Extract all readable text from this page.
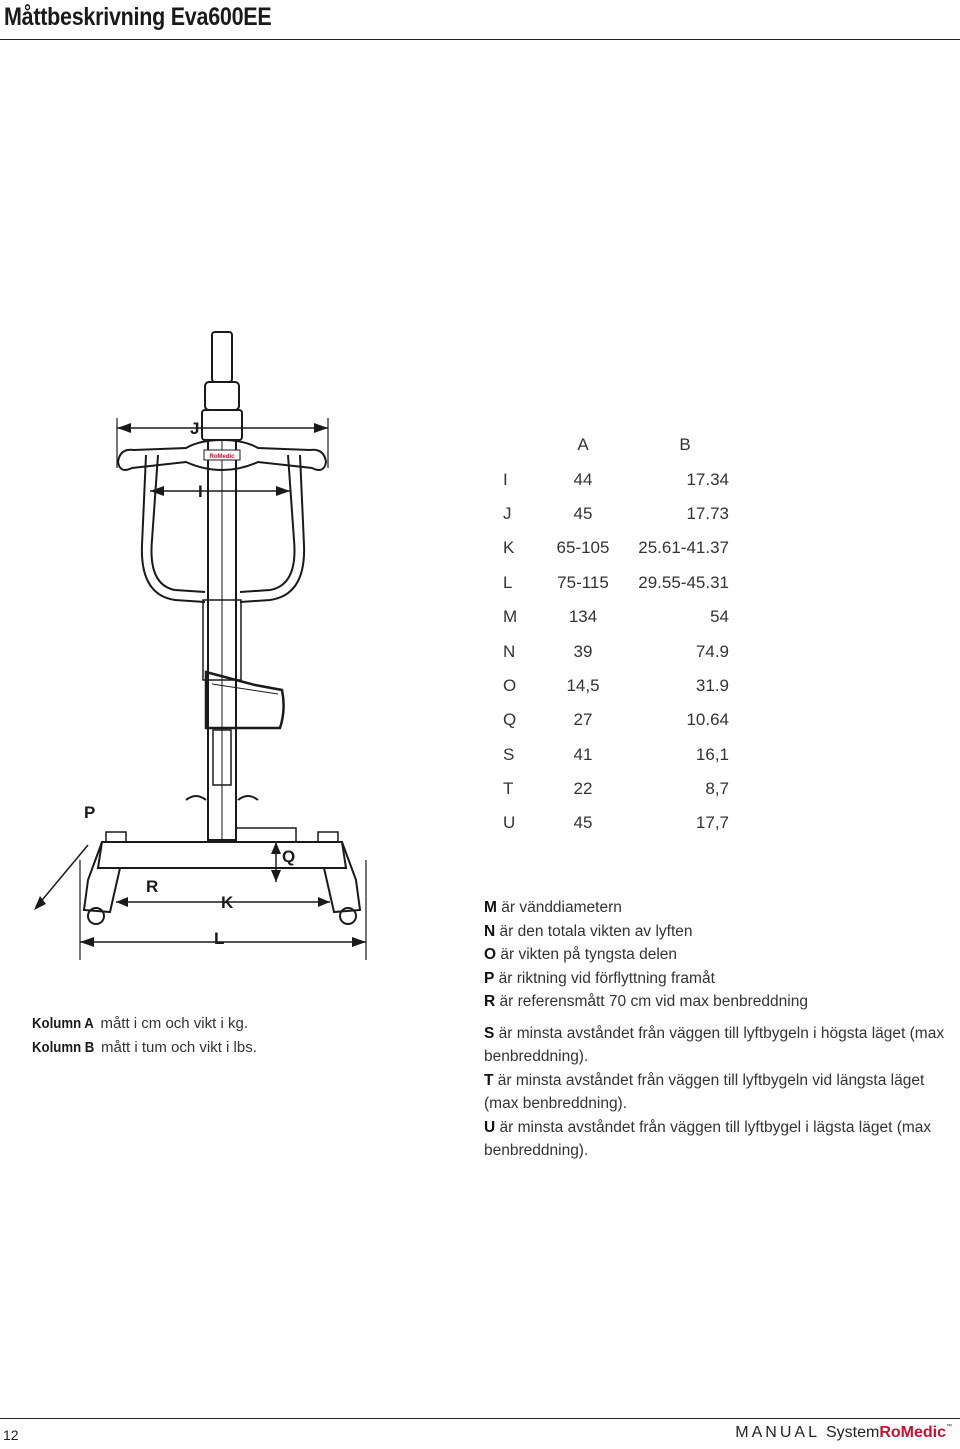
Måttbeskrivning Eva600EE
RoMedic
J
I
P
Q
R
K
L
	A	B
I	44	17.34
J	45	17.73
K	65-105	25.61-41.37
L	75-115	29.55-45.31
M	134	54
N	39	74.9
O	14,5	31.9
Q	27	10.64
S	41	16,1
T	22	8,7
U	45	17,7
Kolumn A mått i cm och vikt i kg.
Kolumn B mått i tum och vikt i lbs.

M är vänddiametern

N är den totala vikten av lyften

O är vikten på tyngsta delen

P är riktning vid förflyttning framåt

R är referensmått 70 cm vid max benbreddning

S är minsta avståndet från väggen till lyftbygeln i högsta läget (max benbreddning).

T är minsta avståndet från väggen till lyftbygeln vid längsta läget (max benbreddning).

U är minsta avståndet från väggen till lyftbygel i lägsta läget (max benbreddning).

12	MANUAL SystemRoMedic™
